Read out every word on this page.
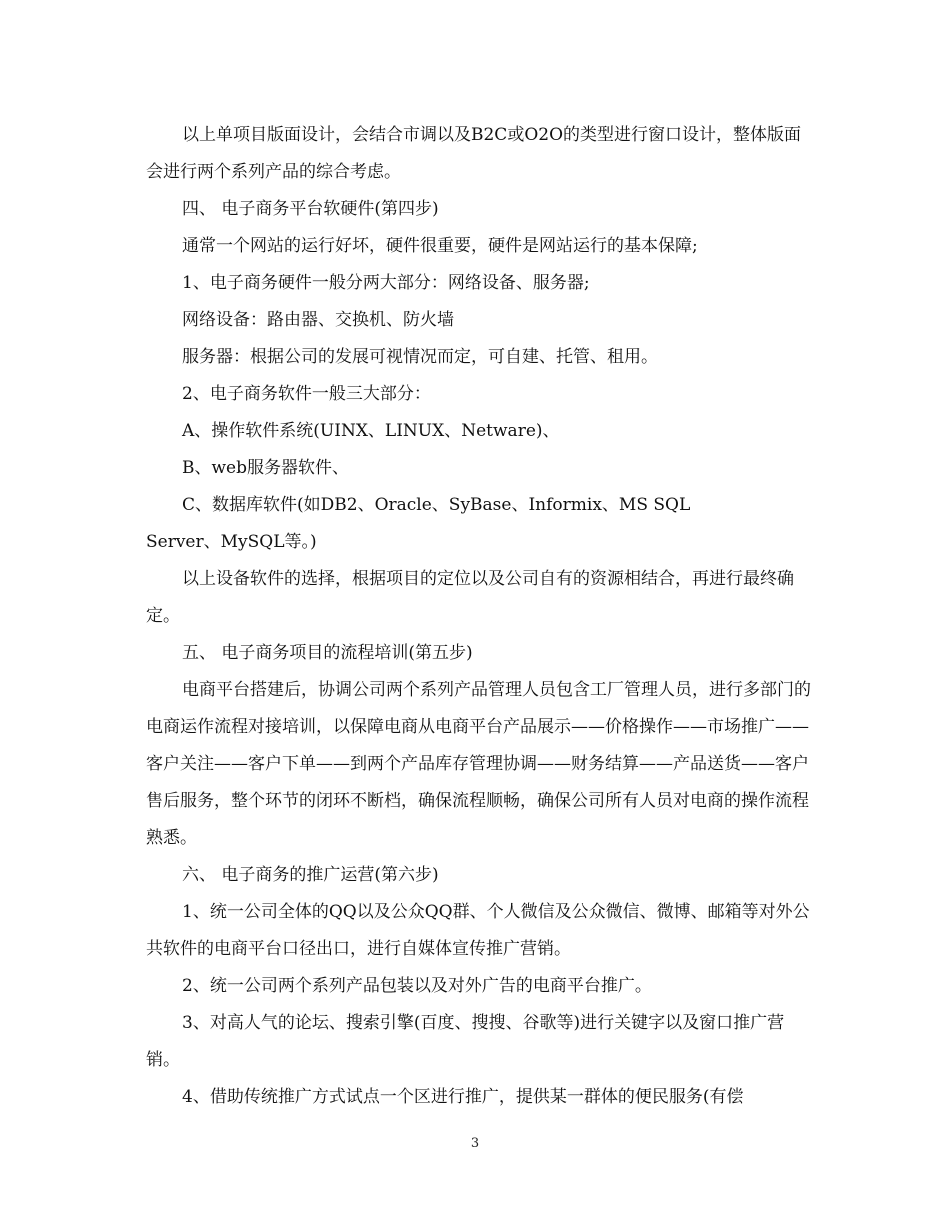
以上单项目版面设计，会结合市调以及B2C或O2O的类型进行窗口设计，整体版面会进行两个系列产品的综合考虑。

四、 电子商务平台软硬件(第四步)

通常一个网站的运行好坏，硬件很重要，硬件是网站运行的基本保障;

1、电子商务硬件一般分两大部分：网络设备、服务器;

网络设备：路由器、交换机、防火墙

服务器：根据公司的发展可视情况而定，可自建、托管、租用。

2、电子商务软件一般三大部分：

A、操作软件系统(UINX、LINUX、Netware)、

B、web服务器软件、

C、数据库软件(如DB2、Oracle、SyBase、Informix、MS SQL

Server、MySQL等。)

以上设备软件的选择，根据项目的定位以及公司自有的资源相结合，再进行最终确定。

五、 电子商务项目的流程培训(第五步)

电商平台搭建后，协调公司两个系列产品管理人员包含工厂管理人员，进行多部门的电商运作流程对接培训，以保障电商从电商平台产品展示——价格操作——市场推广——客户关注——客户下单——到两个产品库存管理协调——财务结算——产品送货——客户售后服务，整个环节的闭环不断档，确保流程顺畅，确保公司所有人员对电商的操作流程熟悉。

六、 电子商务的推广运营(第六步)

1、统一公司全体的QQ以及公众QQ群、个人微信及公众微信、微博、邮箱等对外公共软件的电商平台口径出口，进行自媒体宣传推广营销。

2、统一公司两个系列产品包装以及对外广告的电商平台推广。

3、对高人气的论坛、搜索引擎(百度、搜搜、谷歌等)进行关键字以及窗口推广营销。

4、借助传统推广方式试点一个区进行推广，提供某一群体的便民服务(有偿

3
